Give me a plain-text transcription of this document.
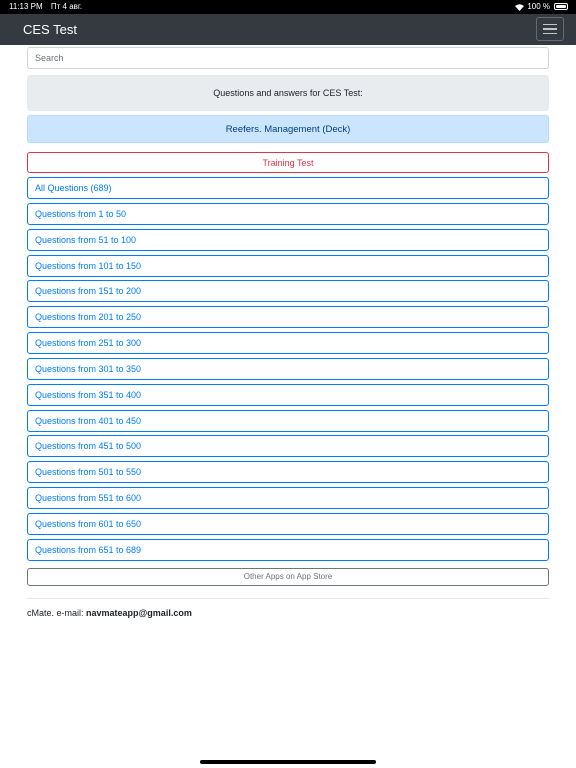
11:13 PM Пт 4 авг.	100 %
CES Test
Search
Questions and answers for CES Test:
Reefers. Management (Deck)
Training Test
All Questions (689)
Questions from 1 to 50
Questions from 51 to 100
Questions from 101 to 150
Questions from 151 to 200
Questions from 201 to 250
Questions from 251 to 300
Questions from 301 to 350
Questions from 351 to 400
Questions from 401 to 450
Questions from 451 to 500
Questions from 501 to 550
Questions from 551 to 600
Questions from 601 to 650
Questions from 651 to 689
Other Apps on App Store
cMate. e-mail: navmateapp@gmail.com
